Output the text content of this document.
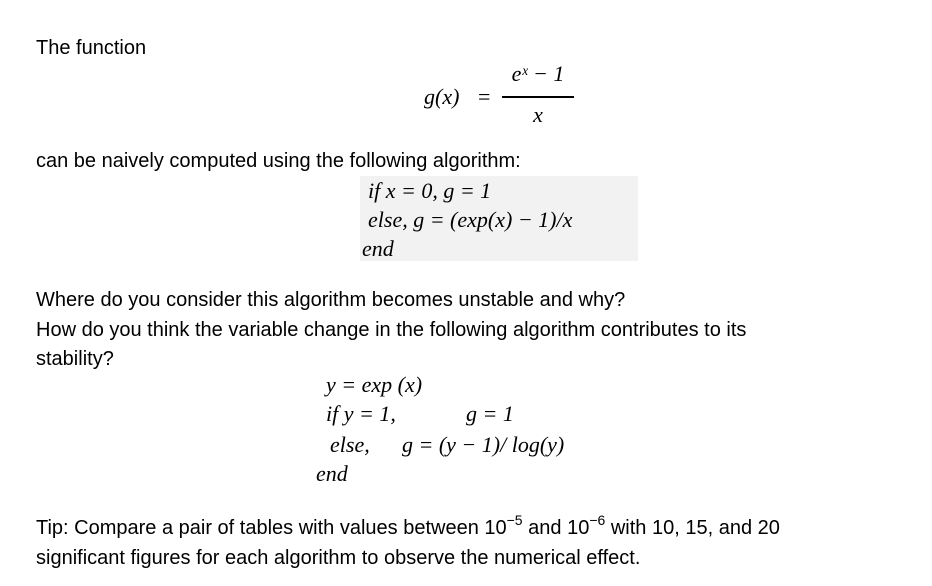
The function
g(x) =
eˣ − 1
x
can be naively computed using the following algorithm:
if x = 0, g = 1
else, g = (exp(x) − 1)/x
end
Where do you consider this algorithm becomes unstable and why?
How do you think the variable change in the following algorithm contributes to its
stability?
y = exp (x)
if y = 1,	g = 1
else, g = (y − 1)/ log(y)
end
Tip: Compare a pair of tables with values between $10^{-5}$ and $10^{-6}$ with 10, 15, and 20
significant figures for each algorithm to observe the numerical effect.
